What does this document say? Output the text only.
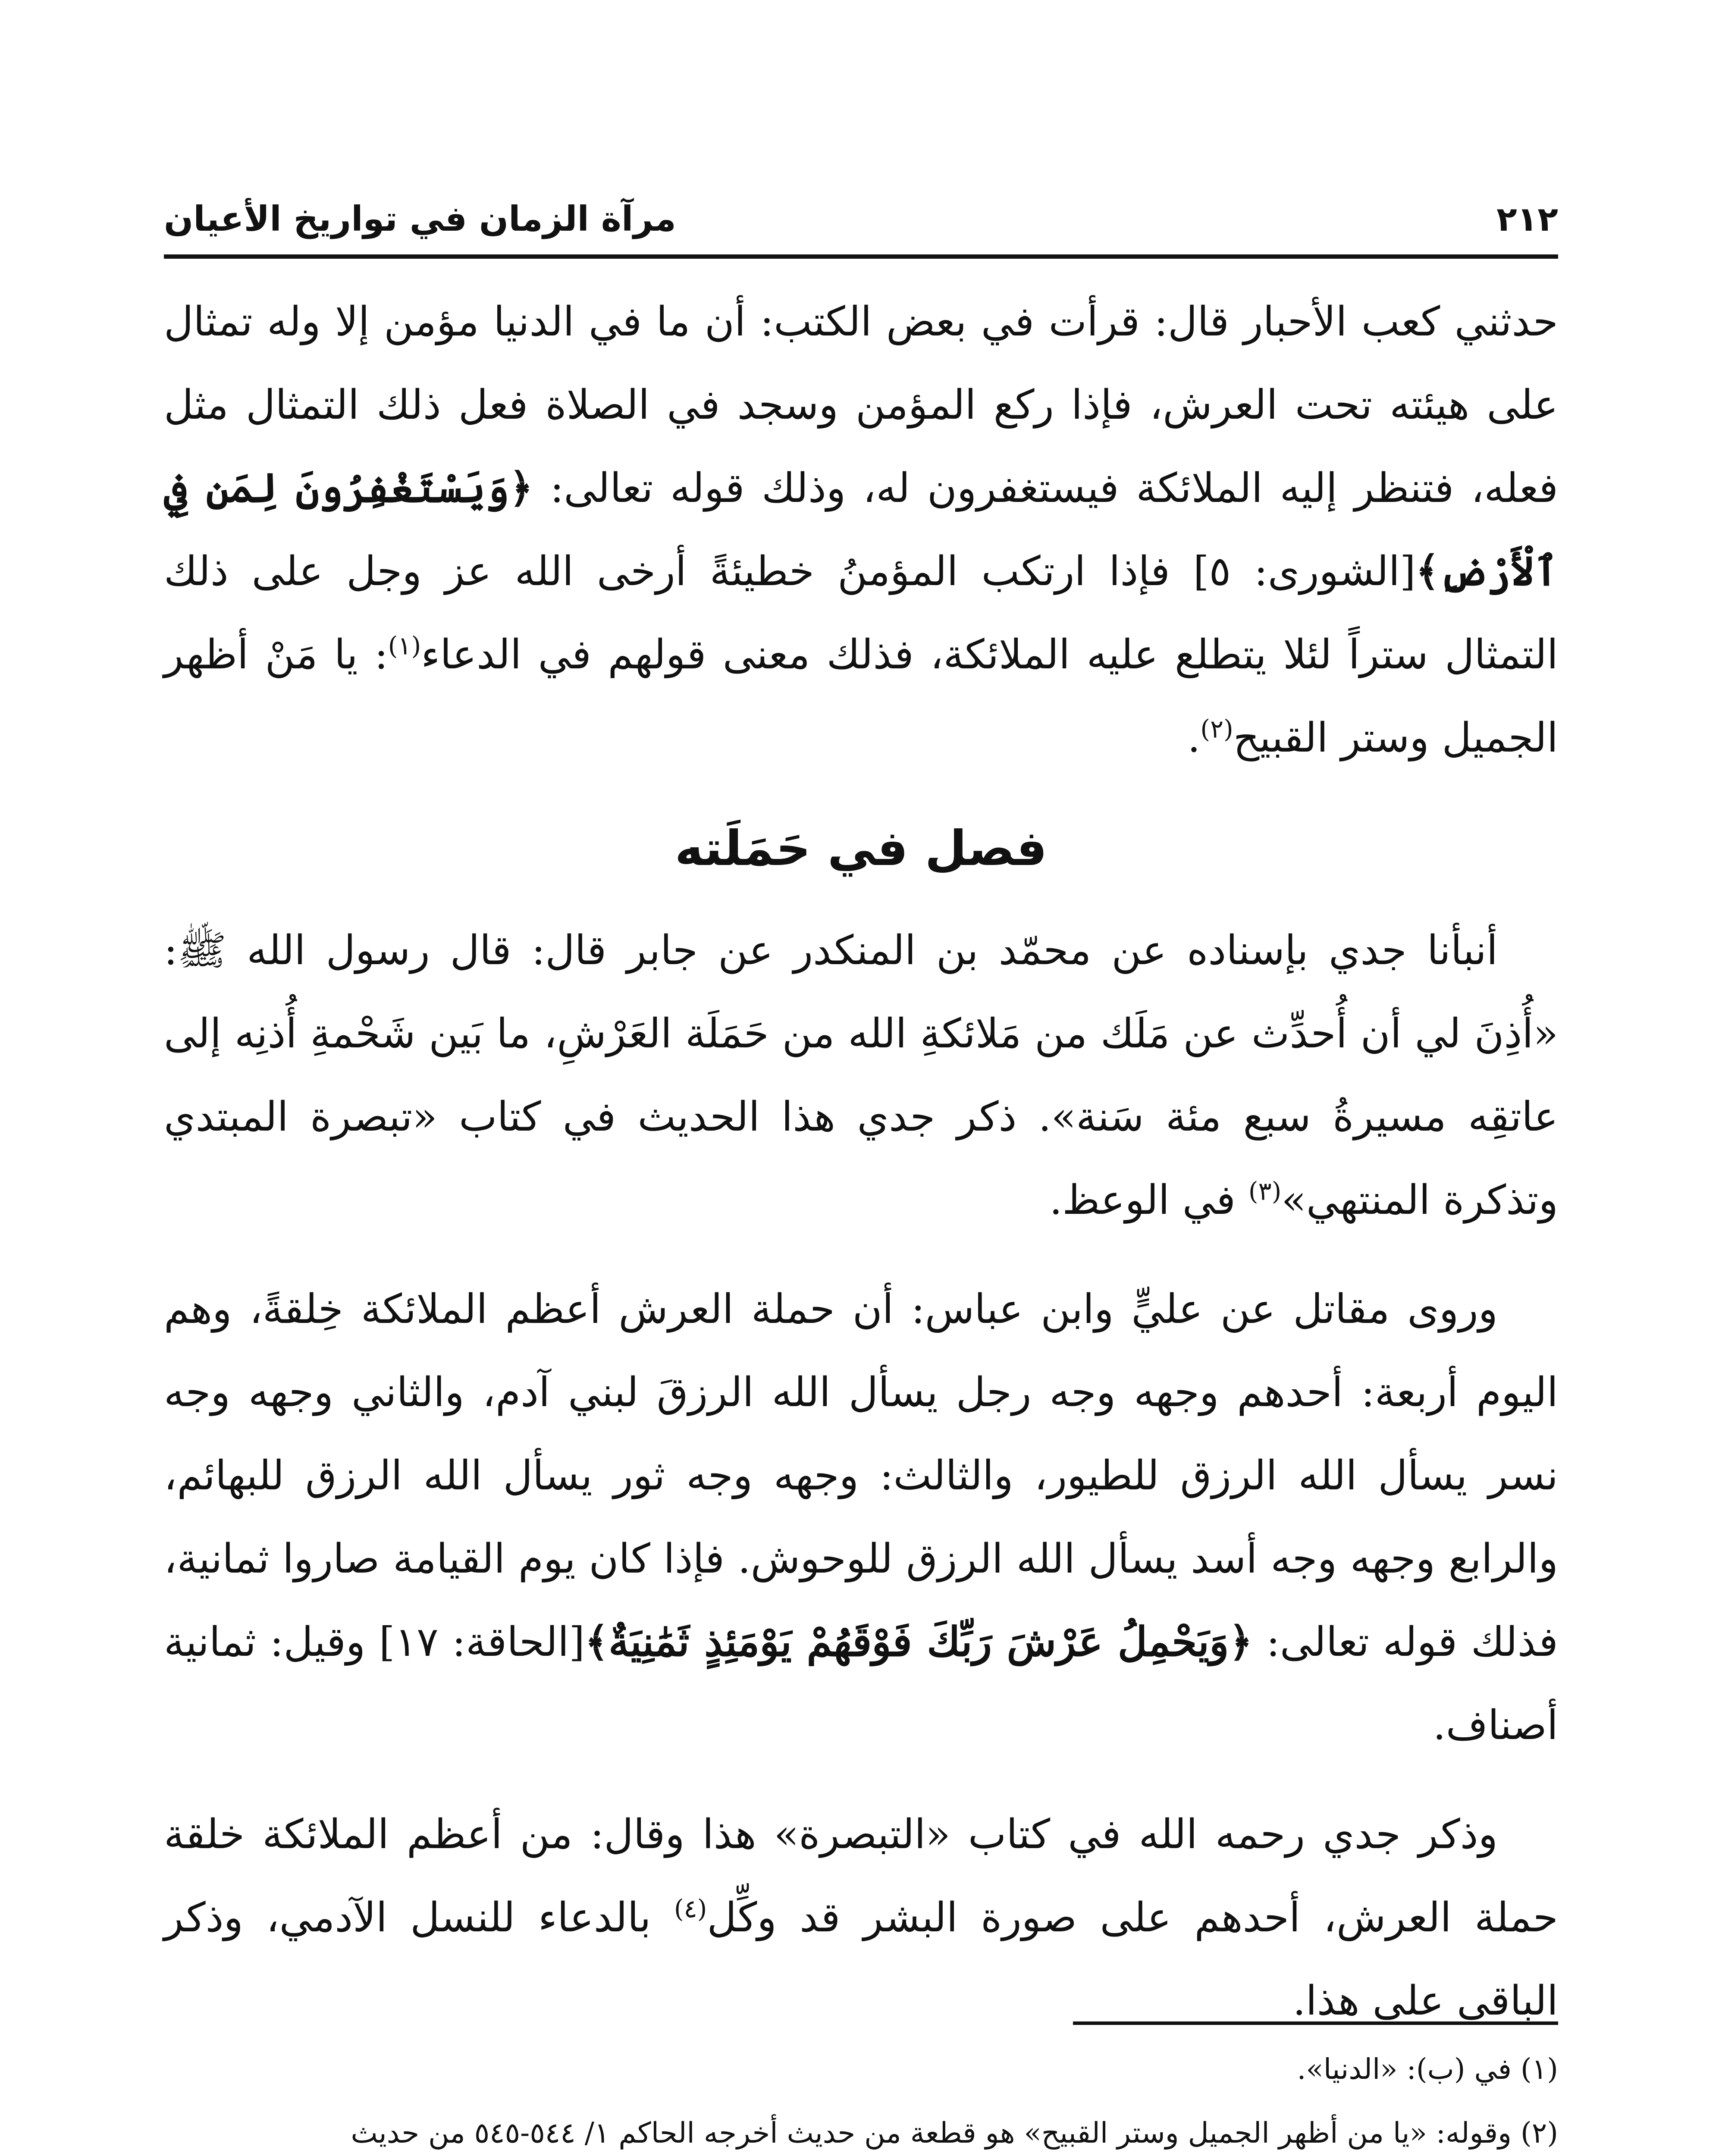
٢١٢
مرآة الزمان في تواريخ الأعيان

حدثني كعب الأحبار قال: قرأت في بعض الكتب: أن ما في الدنيا مؤمن إلا وله تمثال على هيئته تحت العرش، فإذا ركع المؤمن وسجد في الصلاة فعل ذلك التمثال مثل فعله، فتنظر إليه الملائكة فيستغفرون له، وذلك قوله تعالى: ﴿وَيَسْتَغْفِرُونَ لِمَن فِي ٱلْأَرْضِ﴾[الشورى: ٥] فإذا ارتكب المؤمنُ خطيئةً أرخى الله عز وجل على ذلك التمثال ستراً لئلا يتطلع عليه الملائكة، فذلك معنى قولهم في الدعاء$^{(١)}$: يا مَنْ أظهر الجميل وستر القبيح$^{(٢)}$.

فصل في حَمَلَته

أنبأنا جدي بإسناده عن محمّد بن المنكدر عن جابر قال: قال رسول الله ﷺ: «أُذِنَ لي أن أُحدِّث عن مَلَك من مَلائكةِ الله من حَمَلَة العَرْشِ، ما بَين شَحْمةِ أُذنِه إلى عاتقِه مسيرةُ سبع مئة سَنة». ذكر جدي هذا الحديث في كتاب «تبصرة المبتدي وتذكرة المنتهي»$^{(٣)}$ في الوعظ.

وروى مقاتل عن عليٍّ وابن عباس: أن حملة العرش أعظم الملائكة خِلقةً، وهم اليوم أربعة: أحدهم وجهه وجه رجل يسأل الله الرزقَ لبني آدم، والثاني وجهه وجه نسر يسأل الله الرزق للطيور، والثالث: وجهه وجه ثور يسأل الله الرزق للبهائم، والرابع وجهه وجه أسد يسأل الله الرزق للوحوش. فإذا كان يوم القيامة صاروا ثمانية، فذلك قوله تعالى: ﴿وَيَحْمِلُ عَرْشَ رَبِّكَ فَوْقَهُمْ يَوْمَئِذٍ ثَمَٰنِيَةٌ﴾[الحاقة: ١٧] وقيل: ثمانية أصناف.

وذكر جدي رحمه الله في كتاب «التبصرة» هذا وقال: من أعظم الملائكة خلقة حملة العرش، أحدهم على صورة البشر قد وكِّل$^{(٤)}$ بالدعاء للنسل الآدمي، وذكر الباقي على هذا.

(١) في (ب): «الدنيا».

(٢) وقوله: «يا من أظهر الجميل وستر القبيح» هو قطعة من حديث أخرجه الحاكم ١/ ٥٤٤-٥٤٥ من حديث
